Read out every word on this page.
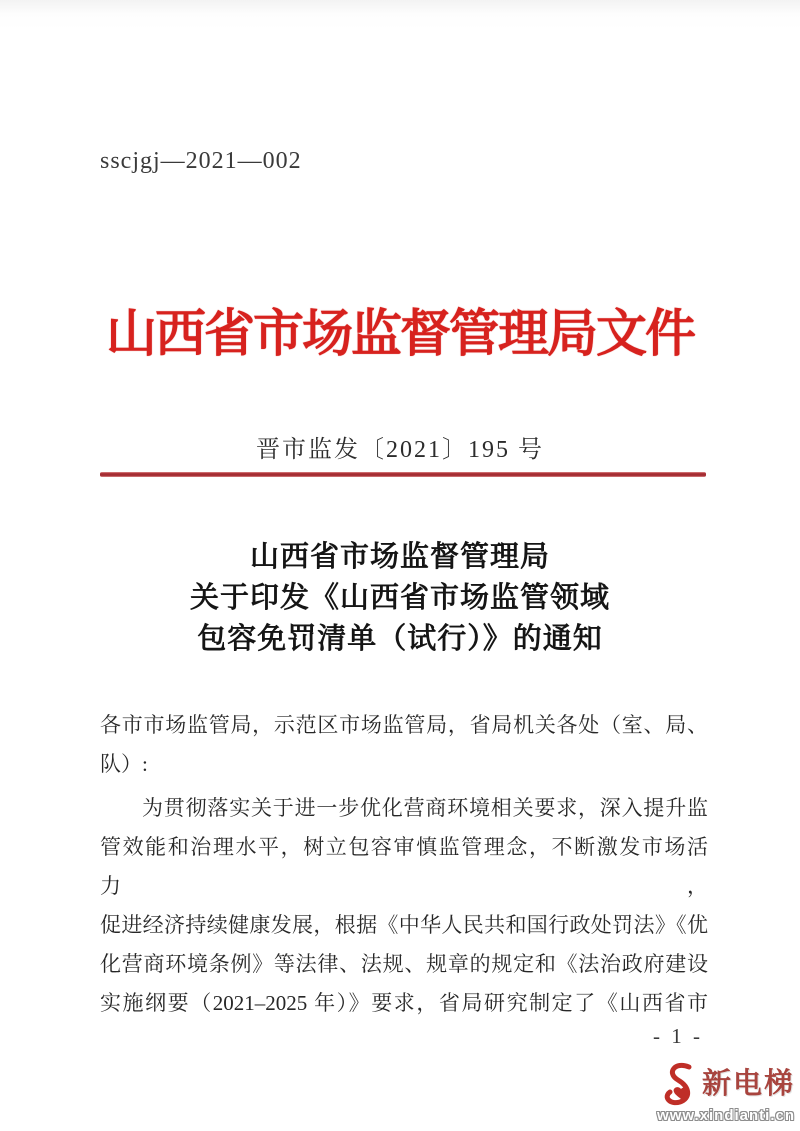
sscjgj—2021—002
山西省市场监督管理局文件
晋市监发〔2021〕195 号
山西省市场监督管理局
关于印发《山西省市场监管领域
包容免罚清单（试行）》的通知
各市市场监管局，示范区市场监管局，省局机关各处（室、局、
队）:
为贯彻落实关于进一步优化营商环境相关要求，深入提升监
管效能和治理水平，树立包容审慎监管理念，不断激发市场活力，
促进经济持续健康发展，根据《中华人民共和国行政处罚法》《优
化营商环境条例》等法律、法规、规章的规定和《法治政府建设
实施纲要（2021–2025 年）》要求，省局研究制定了《山西省市
- 1 -
新电梯
www.xindianti.cn
